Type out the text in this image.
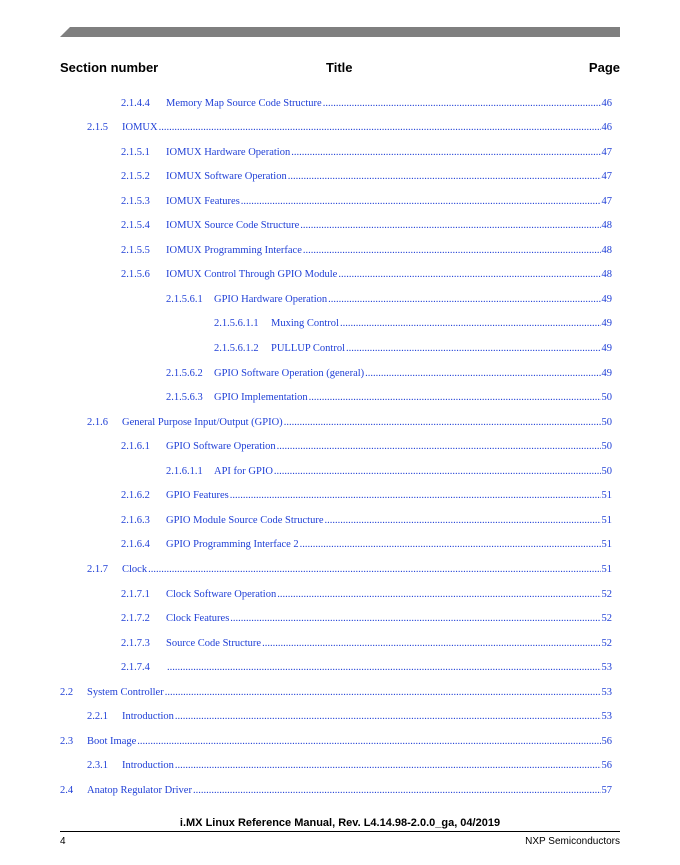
Section number	Title	Page
2.1.4.4	Memory Map Source Code Structure .....	46
2.1.5	IOMUX .....	46
2.1.5.1	IOMUX Hardware Operation .....	47
2.1.5.2	IOMUX Software Operation .....	47
2.1.5.3	IOMUX Features .....	47
2.1.5.4	IOMUX Source Code Structure .....	48
2.1.5.5	IOMUX Programming Interface .....	48
2.1.5.6	IOMUX Control Through GPIO Module .....	48
2.1.5.6.1	GPIO Hardware Operation .....	49
2.1.5.6.1.1	Muxing Control .....	49
2.1.5.6.1.2	PULLUP Control .....	49
2.1.5.6.2	GPIO Software Operation (general) .....	49
2.1.5.6.3	GPIO Implementation .....	50
2.1.6	General Purpose Input/Output (GPIO) .....	50
2.1.6.1	GPIO Software Operation .....	50
2.1.6.1.1	API for GPIO .....	50
2.1.6.2	GPIO Features .....	51
2.1.6.3	GPIO Module Source Code Structure .....	51
2.1.6.4	GPIO Programming Interface 2 .....	51
2.1.7	Clock .....	51
2.1.7.1	Clock Software Operation .....	52
2.1.7.2	Clock Features .....	52
2.1.7.3	Source Code Structure .....	52
2.1.7.4 .....	53
2.2	System Controller .....	53
2.2.1	Introduction .....	53
2.3	Boot Image .....	56
2.3.1	Introduction .....	56
2.4	Anatop Regulator Driver .....	57
i.MX Linux Reference Manual, Rev. L4.14.98-2.0.0_ga, 04/2019
4	NXP Semiconductors
